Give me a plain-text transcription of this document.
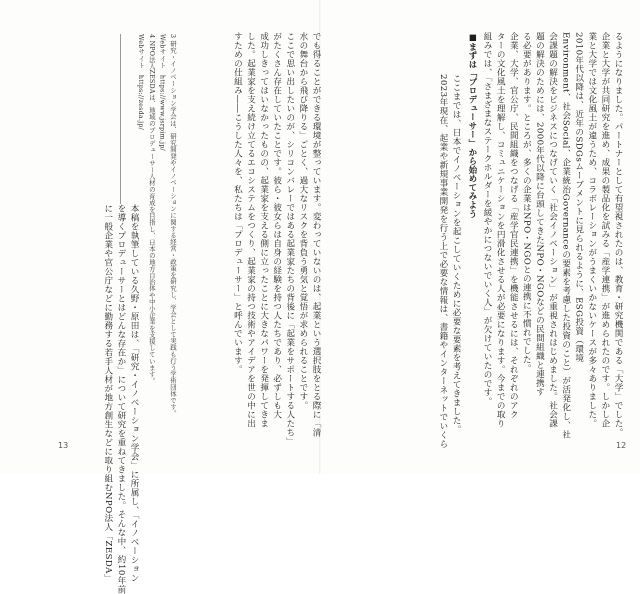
でも得ることができる環境が整っています。変わっていないのは、起業という選択肢をとる際に「清
水の舞台から飛び降りる」ごとく、過大なリスクを背負う勇気と覚悟が求められることです。
ここで思い出したいのが、シリコンバレーではある起業家たちの背後に「起業をサポートする人たち」
がたくさん存在していたことです。彼ら・彼女らは自身の経験を持つ人たちであり、必ずしも大
成功しきってはいなかったものの、起業家を支える側に立ったことに大きなパワーを発揮してきま
した。起業家を支え続け立てるエコシステムをつくり、起業家の持つ技術やアイデアを世の中に出
すための仕組み――こうした人々を、私たちは「プロデューサー」と呼んでいます。
3 研究・イノベーション学会は、研究開発やイノベーションに関する経営・政策を研究し、学会として実践も行う学術団体です。
Webサイト　https://www.jsrpim.jp/
4 NPO法人ZESDAは、地域のプロデューサー人材の育成を目指し、日本の地方自治体や中小企業を支援しています。
Webサイト　https://zesda.jp/
本稿を執筆している久野・原田は、「研究・イノベーション学会」に所属し、「イノベーション
を導くプロデューサーとはどんな存在か」について研究を重ねてきました。そんな中、約10年前
に一般企業や官公庁などに勤務する若手人材が地方創生などに取り組むNPO法人「ZESDA」
13
るようになりました。パートナーとして有望視されたのは、教育・研究機関である「大学」でした。
企業と大学が共同研究を進め、成果の製品化を試みる「産学連携」が進められたのです。しかし企
業と大学では文化風土が違うため、コラボレーションがうまくいかないケースが多々ありました。
2010年代以降は、近年のSDGsムーブメントに見られるように、ESG投資（環境
Environment、社会Social、企業統治Governanceの要素を考慮した投資のこと）が活発化し、社
会課題の解決をビジネスにつなげていく「社会イノベーション」が重視されはじめました。社会課
題の解決のためには、2000年代以降に台頭してきたNPO・NGOなどの民間組織と連携す
る必要があります。ところが、多くの企業はNPO・NGOとの連携に不慣れでした。
企業、大学、官公庁、民間組織をつなげる「産学官民連携」を機能させるには、それぞれのアク
ターの文化風土を理解し、コミュニケーションを円滑化させる人が必要になります。今までの取り
組みでは、「さまざまなステークホルダーを緩やかにつないでいく人」が欠けていたのです。
■まずは「プロデューサー」から始めてみよう
ここまでは、日本でイノベーションを起こしていくために必要な要素を考えてきました。
2023年現在、起業や新規事業開発を行う上で必要な情報は、書籍やインターネットでいくら	12
